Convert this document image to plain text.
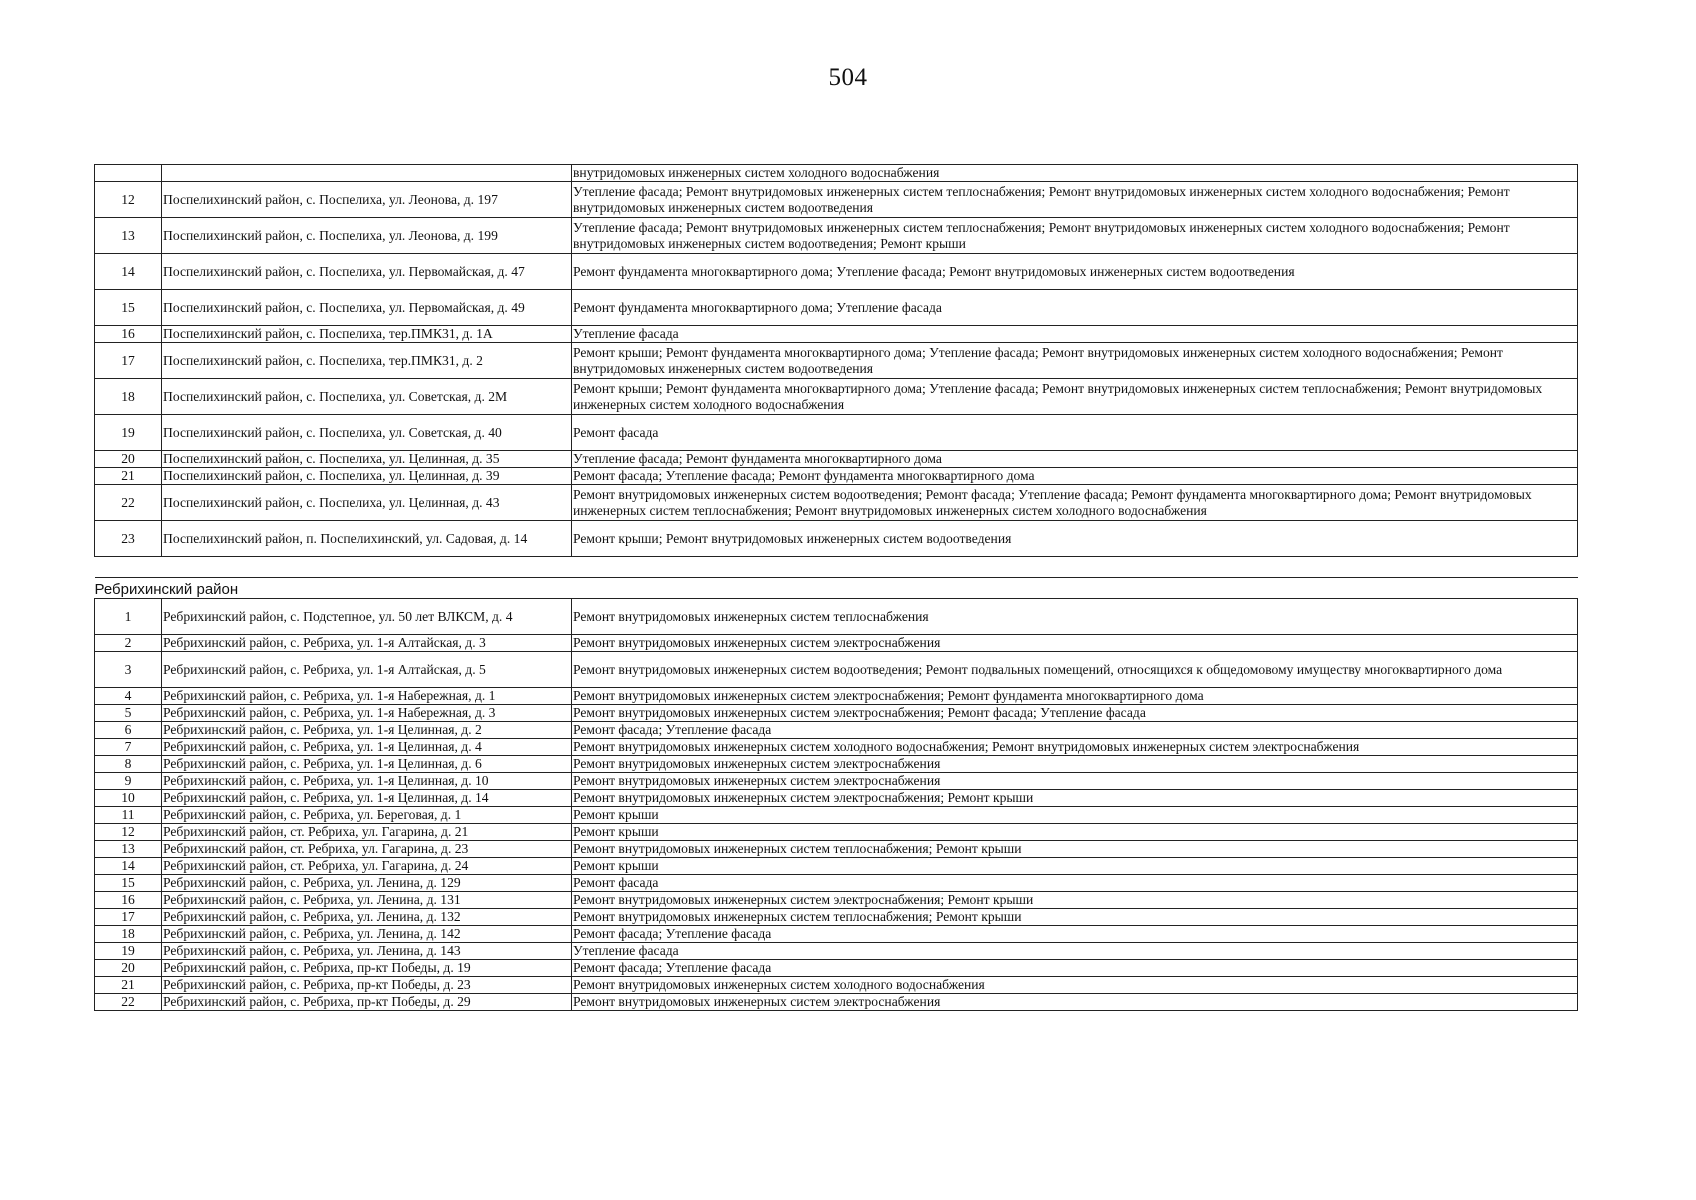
504
		внутридомовых инженерных систем холодного водоснабжения
12	Поспелихинский район, с. Поспелиха, ул. Леонова, д. 197	Утепление фасада; Ремонт внутридомовых инженерных систем теплоснабжения; Ремонт внутридомовых инженерных систем холодного водоснабжения; Ремонт внутридомовых инженерных систем водоотведения
13	Поспелихинский район, с. Поспелиха, ул. Леонова, д. 199	Утепление фасада; Ремонт внутридомовых инженерных систем теплоснабжения; Ремонт внутридомовых инженерных систем холодного водоснабжения; Ремонт внутридомовых инженерных систем водоотведения; Ремонт крыши
14	Поспелихинский район, с. Поспелиха, ул. Первомайская, д. 47	Ремонт фундамента многоквартирного дома; Утепление фасада; Ремонт внутридомовых инженерных систем водоотведения
15	Поспелихинский район, с. Поспелиха, ул. Первомайская, д. 49	Ремонт фундамента многоквартирного дома; Утепление фасада
16	Поспелихинский район, с. Поспелиха, тер.ПМК31, д. 1А	Утепление фасада
17	Поспелихинский район, с. Поспелиха, тер.ПМК31, д. 2	Ремонт крыши; Ремонт фундамента многоквартирного дома; Утепление фасада; Ремонт внутридомовых инженерных систем холодного водоснабжения; Ремонт внутридомовых инженерных систем водоотведения
18	Поспелихинский район, с. Поспелиха, ул. Советская, д. 2М	Ремонт крыши; Ремонт фундамента многоквартирного дома; Утепление фасада; Ремонт внутридомовых инженерных систем теплоснабжения; Ремонт внутридомовых инженерных систем холодного водоснабжения
19	Поспелихинский район, с. Поспелиха, ул. Советская, д. 40	Ремонт фасада
20	Поспелихинский район, с. Поспелиха, ул. Целинная, д. 35	Утепление фасада; Ремонт фундамента многоквартирного дома
21	Поспелихинский район, с. Поспелиха, ул. Целинная, д. 39	Ремонт фасада; Утепление фасада; Ремонт фундамента многоквартирного дома
22	Поспелихинский район, с. Поспелиха, ул. Целинная, д. 43	Ремонт внутридомовых инженерных систем водоотведения; Ремонт фасада; Утепление фасада; Ремонт фундамента многоквартирного дома; Ремонт внутридомовых инженерных систем теплоснабжения; Ремонт внутридомовых инженерных систем холодного водоснабжения
23	Поспелихинский район, п. Поспелихинский, ул. Садовая, д. 14	Ремонт крыши; Ремонт внутридомовых инженерных систем водоотведения

Ребрихинский район		
1	Ребрихинский район, с. Подстепное, ул. 50 лет ВЛКСМ, д. 4	Ремонт внутридомовых инженерных систем теплоснабжения
2	Ребрихинский район, с. Ребриха, ул. 1-я Алтайская, д. 3	Ремонт внутридомовых инженерных систем электроснабжения
3	Ребрихинский район, с. Ребриха, ул. 1-я Алтайская, д. 5	Ремонт внутридомовых инженерных систем водоотведения; Ремонт подвальных помещений, относящихся к общедомовому имуществу многоквартирного дома
4	Ребрихинский район, с. Ребриха, ул. 1-я Набережная, д. 1	Ремонт внутридомовых инженерных систем электроснабжения; Ремонт фундамента многоквартирного дома
5	Ребрихинский район, с. Ребриха, ул. 1-я Набережная, д. 3	Ремонт внутридомовых инженерных систем электроснабжения; Ремонт фасада; Утепление фасада
6	Ребрихинский район, с. Ребриха, ул. 1-я Целинная, д. 2	Ремонт фасада; Утепление фасада
7	Ребрихинский район, с. Ребриха, ул. 1-я Целинная, д. 4	Ремонт внутридомовых инженерных систем холодного водоснабжения; Ремонт внутридомовых инженерных систем электроснабжения
8	Ребрихинский район, с. Ребриха, ул. 1-я Целинная, д. 6	Ремонт внутридомовых инженерных систем электроснабжения
9	Ребрихинский район, с. Ребриха, ул. 1-я Целинная, д. 10	Ремонт внутридомовых инженерных систем электроснабжения
10	Ребрихинский район, с. Ребриха, ул. 1-я Целинная, д. 14	Ремонт внутридомовых инженерных систем электроснабжения; Ремонт крыши
11	Ребрихинский район, с. Ребриха, ул. Береговая, д. 1	Ремонт крыши
12	Ребрихинский район, ст. Ребриха, ул. Гагарина, д. 21	Ремонт крыши
13	Ребрихинский район, ст. Ребриха, ул. Гагарина, д. 23	Ремонт внутридомовых инженерных систем теплоснабжения; Ремонт крыши
14	Ребрихинский район, ст. Ребриха, ул. Гагарина, д. 24	Ремонт крыши
15	Ребрихинский район, с. Ребриха, ул. Ленина, д. 129	Ремонт фасада
16	Ребрихинский район, с. Ребриха, ул. Ленина, д. 131	Ремонт внутридомовых инженерных систем электроснабжения; Ремонт крыши
17	Ребрихинский район, с. Ребриха, ул. Ленина, д. 132	Ремонт внутридомовых инженерных систем теплоснабжения; Ремонт крыши
18	Ребрихинский район, с. Ребриха, ул. Ленина, д. 142	Ремонт фасада; Утепление фасада
19	Ребрихинский район, с. Ребриха, ул. Ленина, д. 143	Утепление фасада
20	Ребрихинский район, с. Ребриха, пр-кт Победы, д. 19	Ремонт фасада; Утепление фасада
21	Ребрихинский район, с. Ребриха, пр-кт Победы, д. 23	Ремонт внутридомовых инженерных систем холодного водоснабжения
22	Ребрихинский район, с. Ребриха, пр-кт Победы, д. 29	Ремонт внутридомовых инженерных систем электроснабжения
